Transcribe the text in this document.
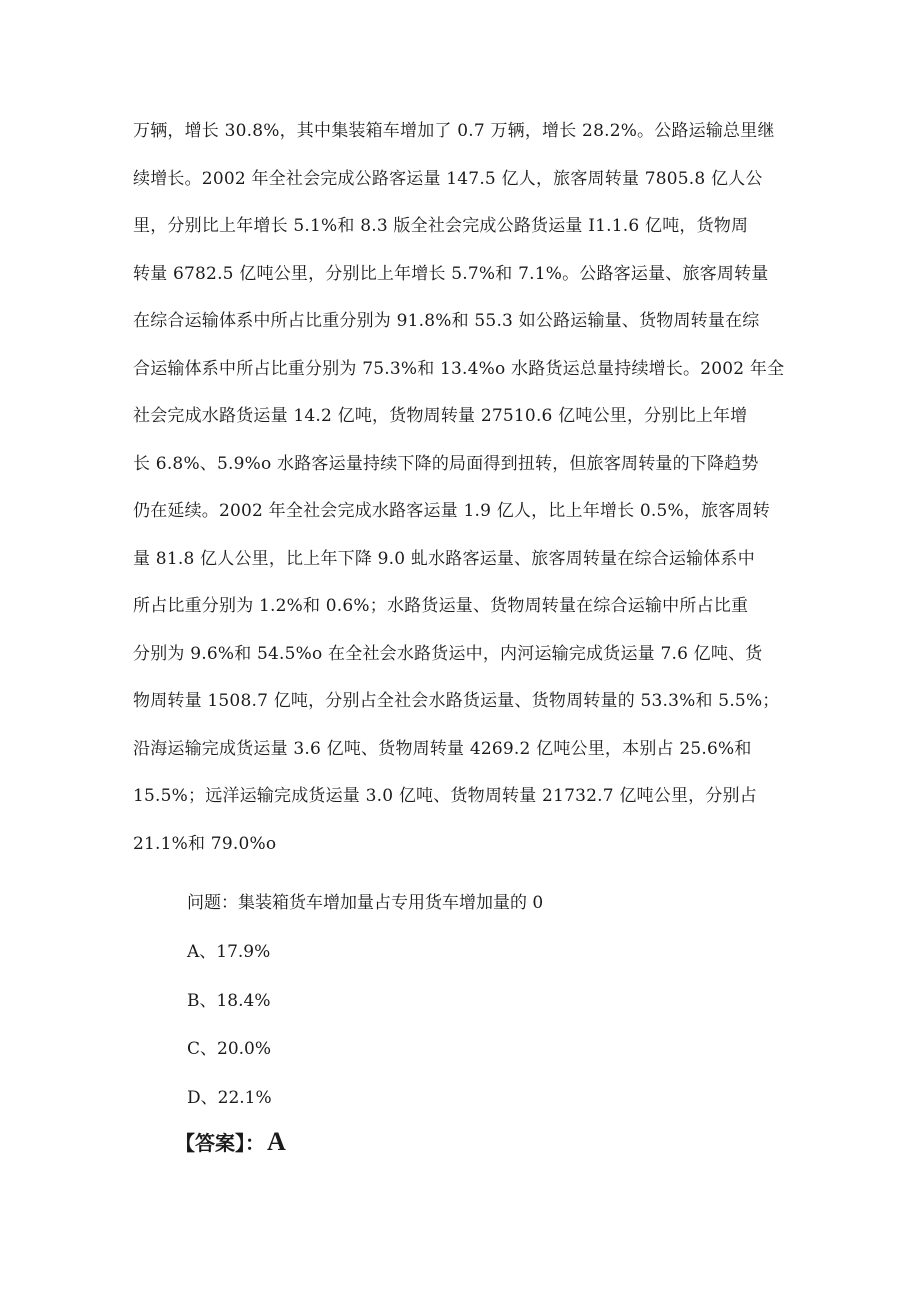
万辆，增长 30.8%，其中集装箱车增加了 0.7 万辆，增长 28.2%。公路运输总里继
续增长。2002 年全社会完成公路客运量 147.5 亿人，旅客周转量 7805.8 亿人公
里，分别比上年增长 5.1%和 8.3 版全社会完成公路货运量 I1.1.6 亿吨，货物周
转量 6782.5 亿吨公里，分别比上年增长 5.7%和 7.1%。公路客运量、旅客周转量
在综合运输体系中所占比重分别为 91.8%和 55.3 如公路运输量、货物周转量在综
合运输体系中所占比重分别为 75.3%和 13.4%o 水路货运总量持续增长。2002 年全
社会完成水路货运量 14.2 亿吨，货物周转量 27510.6 亿吨公里，分别比上年增
长 6.8%、5.9%o 水路客运量持续下降的局面得到扭转，但旅客周转量的下降趋势
仍在延续。2002 年全社会完成水路客运量 1.9 亿人，比上年增长 0.5%，旅客周转
量 81.8 亿人公里，比上年下降 9.0 虬水路客运量、旅客周转量在综合运输体系中
所占比重分别为 1.2%和 0.6%；水路货运量、货物周转量在综合运输中所占比重
分别为 9.6%和 54.5%o 在全社会水路货运中，内河运输完成货运量 7.6 亿吨、货
物周转量 1508.7 亿吨，分别占全社会水路货运量、货物周转量的 53.3%和 5.5%；
沿海运输完成货运量 3.6 亿吨、货物周转量 4269.2 亿吨公里，本别占 25.6%和
15.5%；远洋运输完成货运量 3.0 亿吨、货物周转量 21732.7 亿吨公里，分别占
21.1%和 79.0%o
问题：集装箱货车增加量占专用货车增加量的 0
A、17.9%
B、18.4%
C、20.0%
D、22.1%
【答案】：A
